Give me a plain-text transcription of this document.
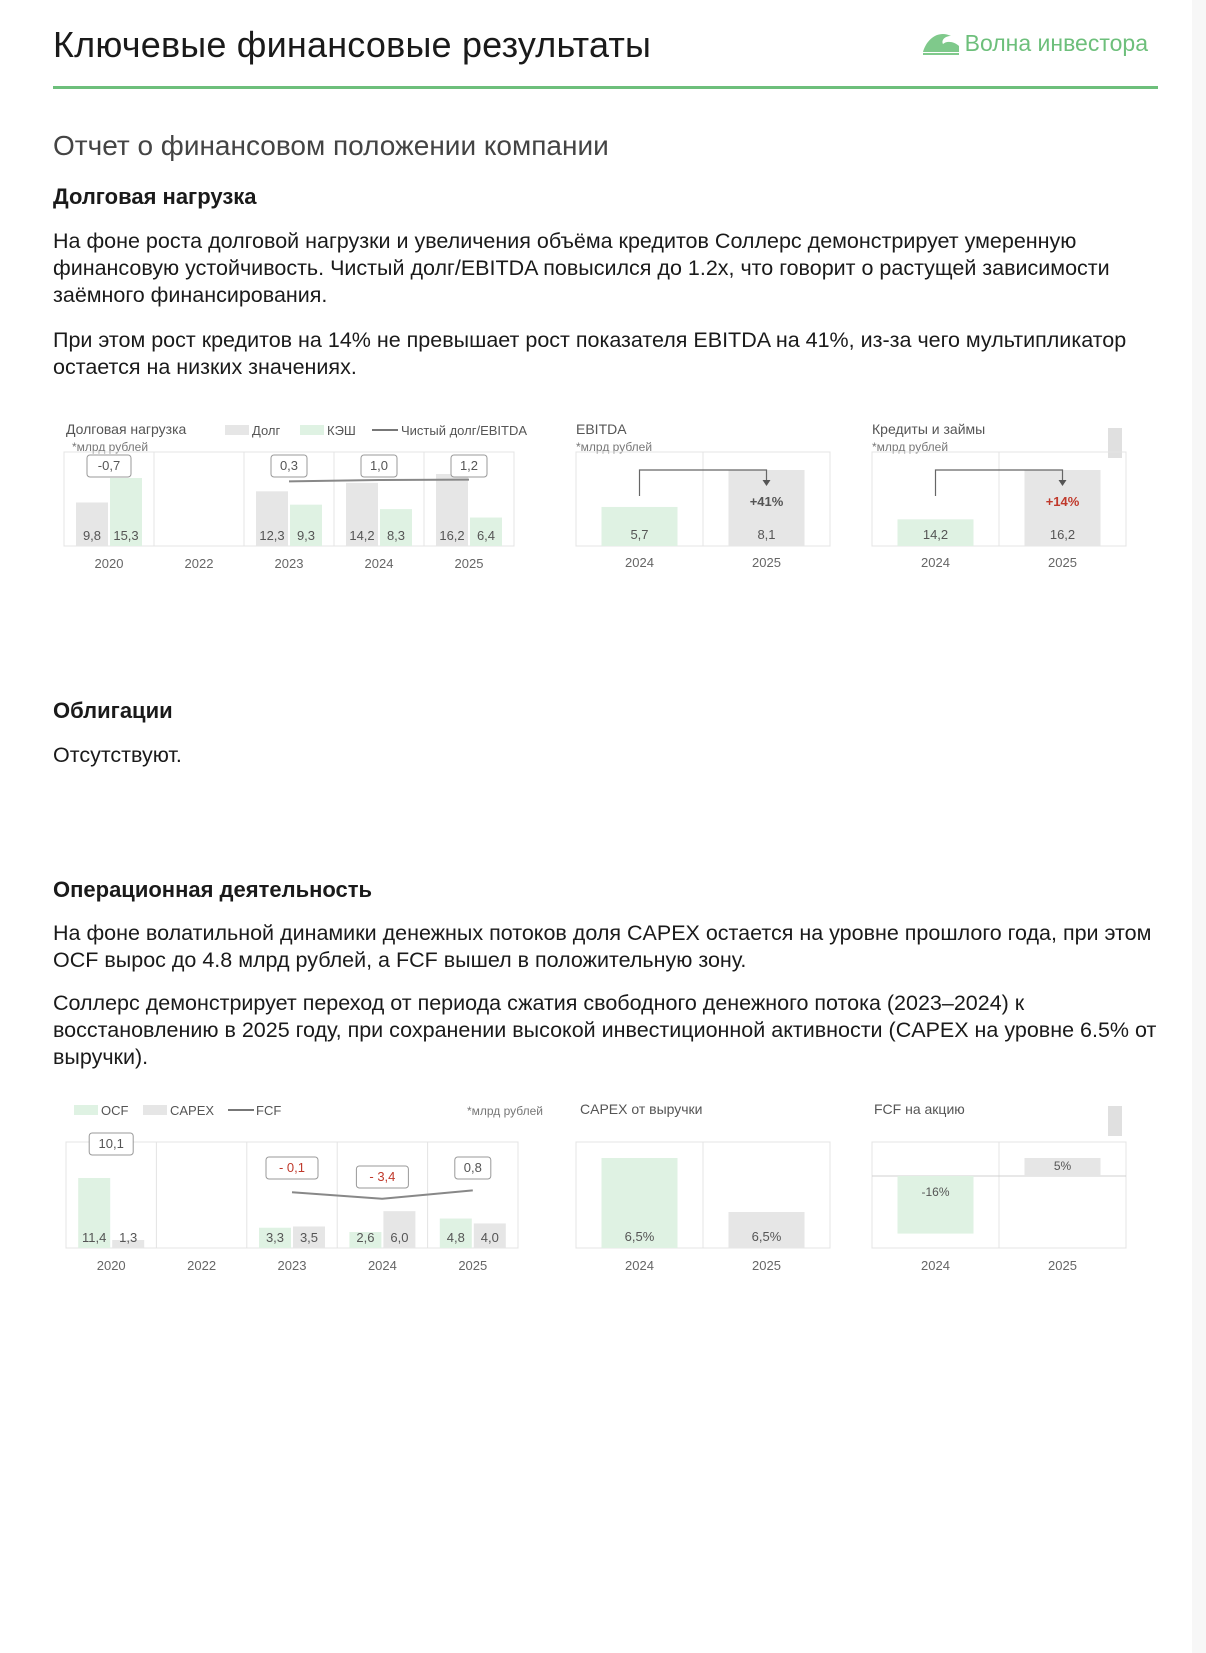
Ключевые финансовые результаты	Волна инвестора
Отчет о финансовом положении компании
Долговая нагрузка

На фоне роста долговой нагрузки и увеличения объёма кредитов Соллерс демонстрирует умеренную финансовую устойчивость. Чистый долг/EBITDA повысился до 1.2x, что говорит о растущей зависимости заёмного финансирования.

При этом рост кредитов на 14% не превышает рост показателя EBITDA на 41%, из-за чего мультипликатор остается на низких значениях.

Долговая нагрузка
*млрд рублей
Долг	КЭШ	Чистый долг/EBITDA
2020
9,8 15,3
2022	2023
12,3 9,3
2024
14,2 8,3
2025
16,2 6,4
-0,7	0,3	1,0	1,2
EBITDA
*млрд рублей
2024
5,7
2025
8,1
+41%
Кредиты и займы
*млрд рублей
2024
14,2
2025
16,2
+14%
Облигации

Отсутствуют.

Операционная деятельность

На фоне волатильной динамики денежных потоков доля CAPEX остается на уровне прошлого года, при этом OCF вырос до 4.8 млрд рублей, а FCF вышел в положительную зону.

Соллерс демонстрирует переход от периода сжатия свободного денежного потока (2023–2024) к восстановлению в 2025 году, при сохранении высокой инвестиционной активности (CAPEX на уровне 6.5% от выручки).

OCF	CAPEX	FCF	*млрд рублей
2020
11,4 1,3
2022	2023
3,3 3,5
2024
2,6 6,0
2025
4,8 4,0
10,1
- 0,1
- 3,4
0,8
CAPEX от выручки
2024
6,5%
2025
6,5%
FCF на акцию
2024
-16%
2025
5%
